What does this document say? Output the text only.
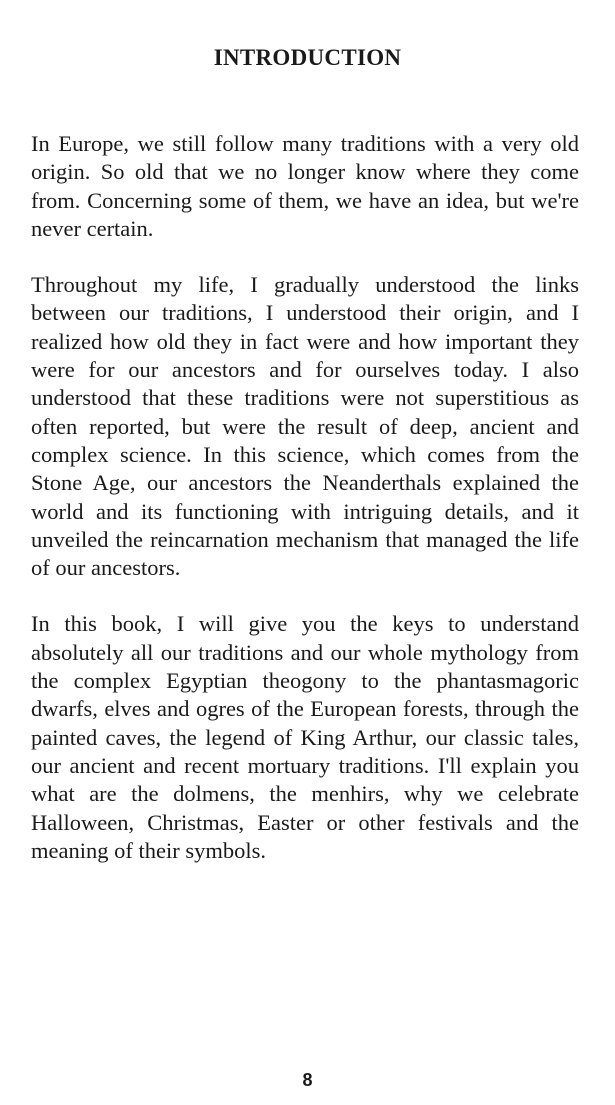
INTRODUCTION

In Europe, we still follow many traditions with a very old origin. So old that we no longer know where they come from. Concerning some of them, we have an idea, but we're never certain.

Throughout my life, I gradually understood the links between our traditions, I understood their origin, and I realized how old they in fact were and how important they were for our ancestors and for ourselves today. I also understood that these traditions were not superstitious as often reported, but were the result of deep, ancient and complex science. In this science, which comes from the Stone Age, our ancestors the Neanderthals explained the world and its functioning with intriguing details, and it unveiled the reincarnation mechanism that managed the life of our ancestors.

In this book, I will give you the keys to understand absolutely all our traditions and our whole mythology from the complex Egyptian theogony to the phantasmagoric dwarfs, elves and ogres of the European forests, through the painted caves, the legend of King Arthur, our classic tales, our ancient and recent mortuary traditions. I'll explain you what are the dolmens, the menhirs, why we celebrate Halloween, Christmas, Easter or other festivals and the meaning of their symbols.

8
